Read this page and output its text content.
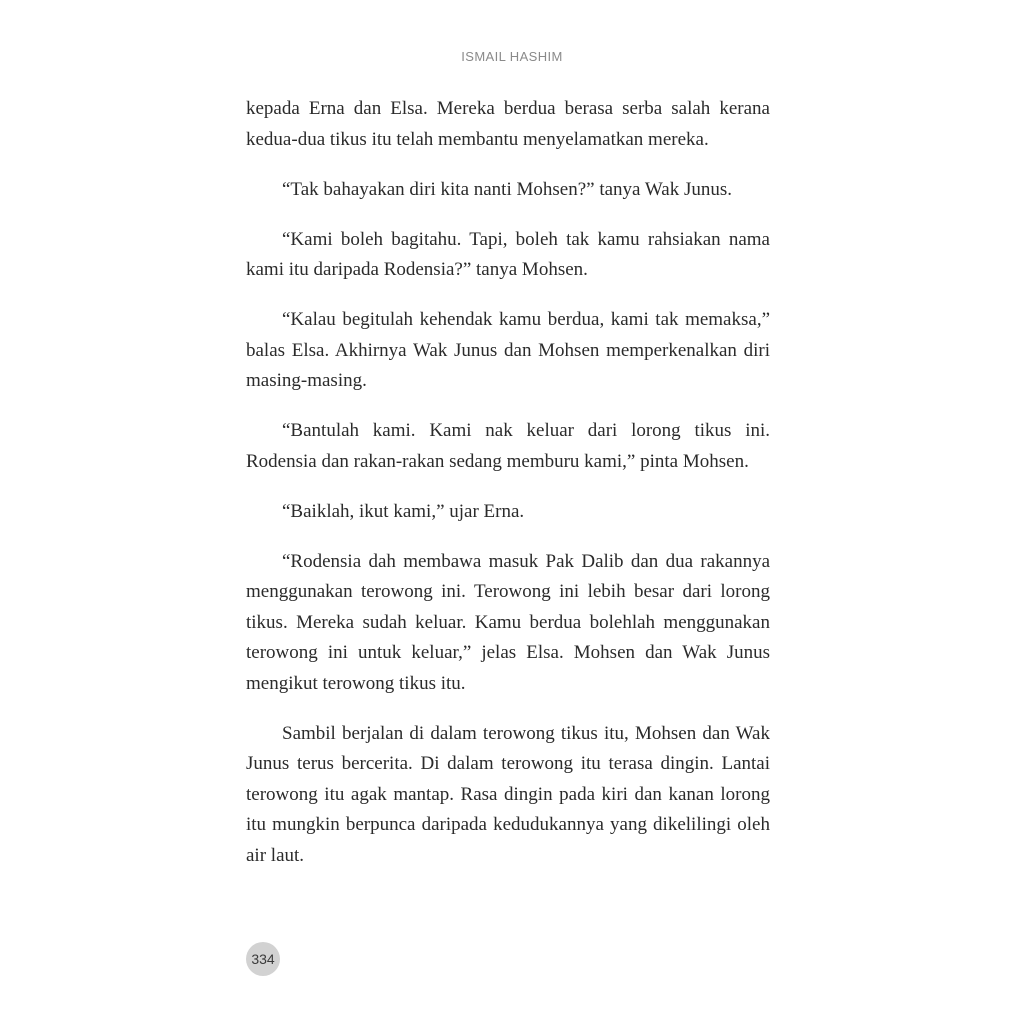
ISMAIL HASHIM

kepada Erna dan Elsa. Mereka berdua berasa serba salah kerana kedua-dua tikus itu telah membantu menyelamatkan mereka.

“Tak bahayakan diri kita nanti Mohsen?” tanya Wak Junus.

“Kami boleh bagitahu. Tapi, boleh tak kamu rahsiakan nama kami itu daripada Rodensia?” tanya Mohsen.

“Kalau begitulah kehendak kamu berdua, kami tak memaksa,” balas Elsa. Akhirnya Wak Junus dan Mohsen memperkenalkan diri masing-masing.

“Bantulah kami. Kami nak keluar dari lorong tikus ini. Rodensia dan rakan-rakan sedang memburu kami,” pinta Mohsen.

“Baiklah, ikut kami,” ujar Erna.

“Rodensia dah membawa masuk Pak Dalib dan dua rakannya menggunakan terowong ini. Terowong ini lebih besar dari lorong tikus. Mereka sudah keluar. Kamu berdua bolehlah menggunakan terowong ini untuk keluar,” jelas Elsa. Mohsen dan Wak Junus mengikut terowong tikus itu.

Sambil berjalan di dalam terowong tikus itu, Mohsen dan Wak Junus terus bercerita. Di dalam terowong itu terasa dingin. Lantai terowong itu agak mantap. Rasa dingin pada kiri dan kanan lorong itu mungkin berpunca daripada kedudukannya yang dikelilingi oleh air laut.

334
